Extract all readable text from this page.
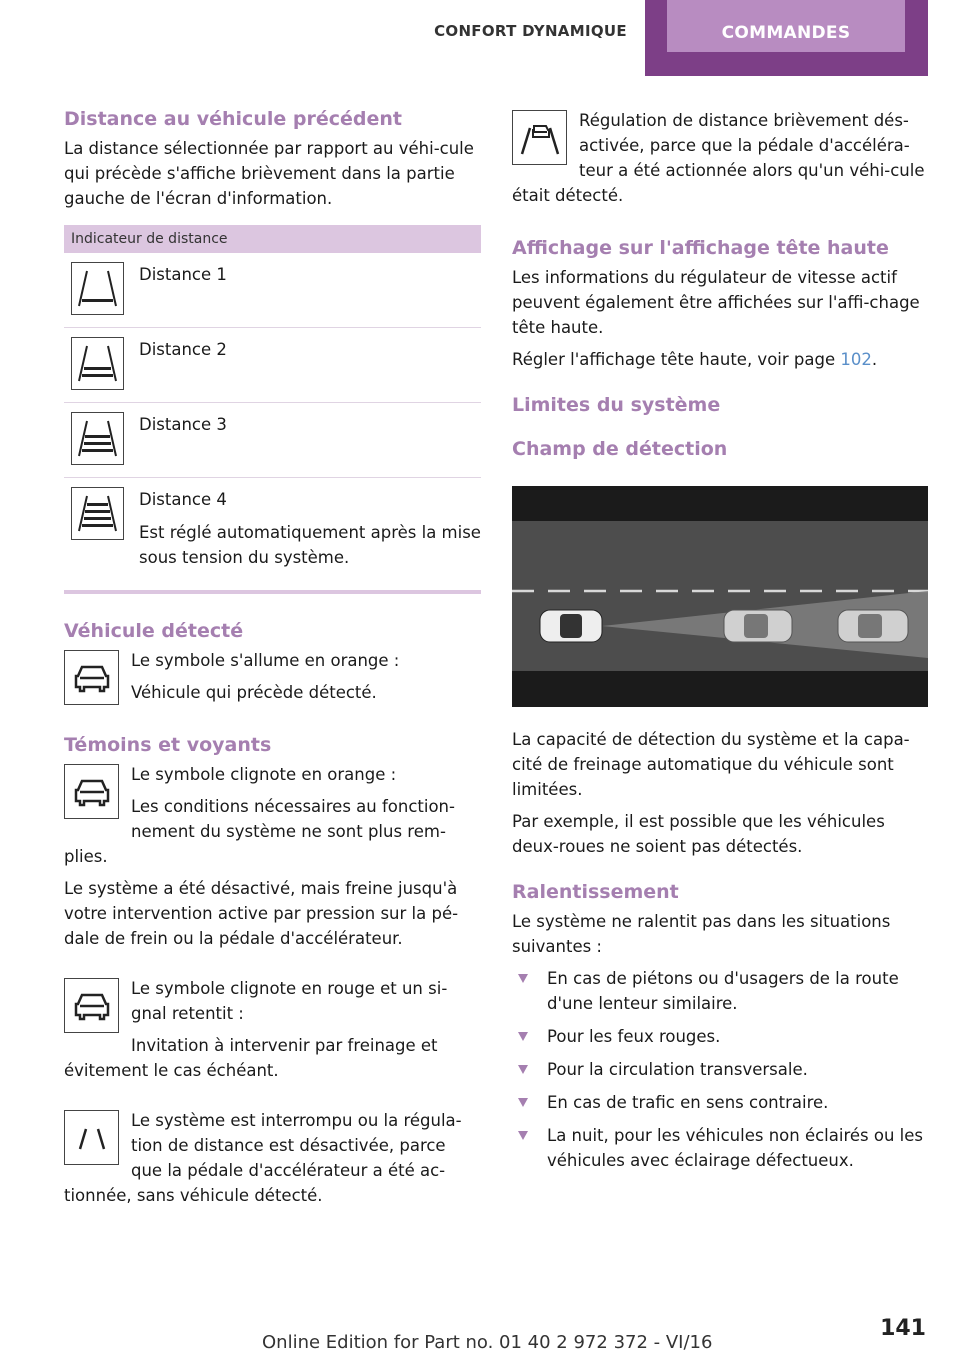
CONFORT DYNAMIQUE	COMMANDES
Distance au véhicule précédent

La distance sélectionnée par rapport au véhi-cule qui précède s'affiche brièvement dans la partie gauche de l'écran d'information.

Indicateur de distance

Distance 1

Distance 2

Distance 3

Distance 4

Est réglé automatiquement après la mise sous tension du système.

Véhicule détecté

Le symbole s'allume en orange :

Véhicule qui précède détecté.

Témoins et voyants

Le symbole clignote en orange :

Les conditions nécessaires au fonction-nement du système ne sont plus rem-plies.

Le système a été désactivé, mais freine jusqu'à votre intervention active par pression sur la pé-dale de frein ou la pédale d'accélérateur.

Le symbole clignote en rouge et un si-gnal retentit :

Invitation à intervenir par freinage et évitement le cas échéant.

Le système est interrompu ou la régula-tion de distance est désactivée, parce que la pédale d'accélérateur a été ac-tionnée, sans véhicule détecté.

Régulation de distance brièvement dés-activée, parce que la pédale d'accéléra-teur a été actionnée alors qu'un véhi-cule était détecté.

Affichage sur l'affichage tête haute

Les informations du régulateur de vitesse actif peuvent également être affichées sur l'affi-chage tête haute.

Régler l'affichage tête haute, voir page 102.

Limites du système
Champ de détection

La capacité de détection du système et la capa-cité de freinage automatique du véhicule sont limitées.

Par exemple, il est possible que les véhicules deux-roues ne soient pas détectés.

Ralentissement

Le système ne ralentit pas dans les situations suivantes :

En cas de piétons ou d'usagers de la route d'une lenteur similaire.
Pour les feux rouges.
Pour la circulation transversale.
En cas de trafic en sens contraire.
La nuit, pour les véhicules non éclairés ou les véhicules avec éclairage défectueux.
141
Online Edition for Part no. 01 40 2 972 372 - VI/16
